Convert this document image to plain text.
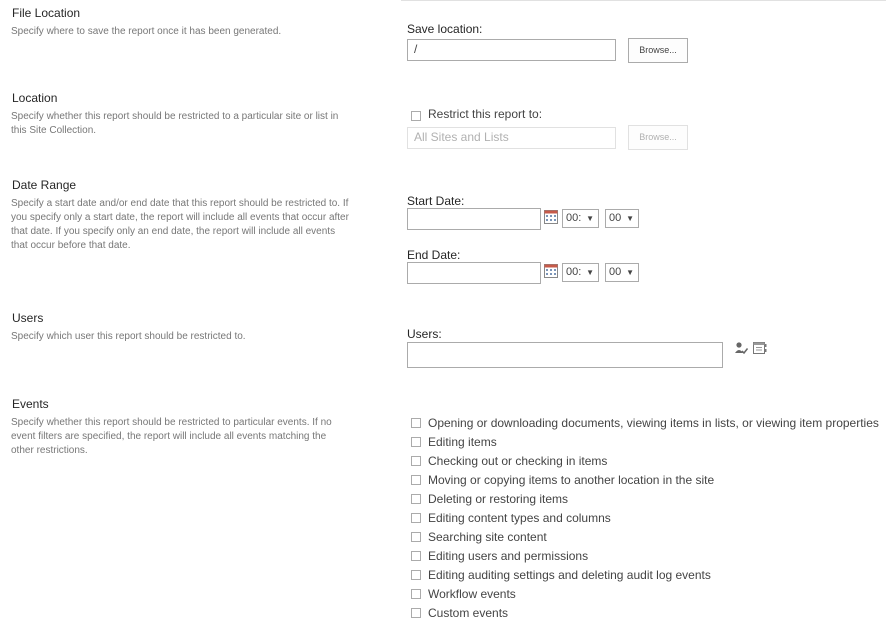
File Location
Specify where to save the report once it has been generated.	Save location:
/	Browse...
Location
Specify whether this report should be restricted to a particular site or list in
this Site Collection.
Restrict this report to:
All Sites and Lists	Browse...
Date Range
Specify a start date and/or end date that this report should be restricted to. If
you specify only a start date, the report will include all events that occur after
that date. If you specify only an end date, the report will include all events
that occur before that date.
Start Date:
00: ▼	00 ▼
End Date:
00: ▼	00 ▼
Users
Specify which user this report should be restricted to.	Users:
Events
Specify whether this report should be restricted to particular events. If no
event filters are specified, the report will include all events matching the
other restrictions.
Opening or downloading documents, viewing items in lists, or viewing item properties
Editing items
Checking out or checking in items
Moving or copying items to another location in the site
Deleting or restoring items
Editing content types and columns
Searching site content
Editing users and permissions
Editing auditing settings and deleting audit log events
Workflow events
Custom events
